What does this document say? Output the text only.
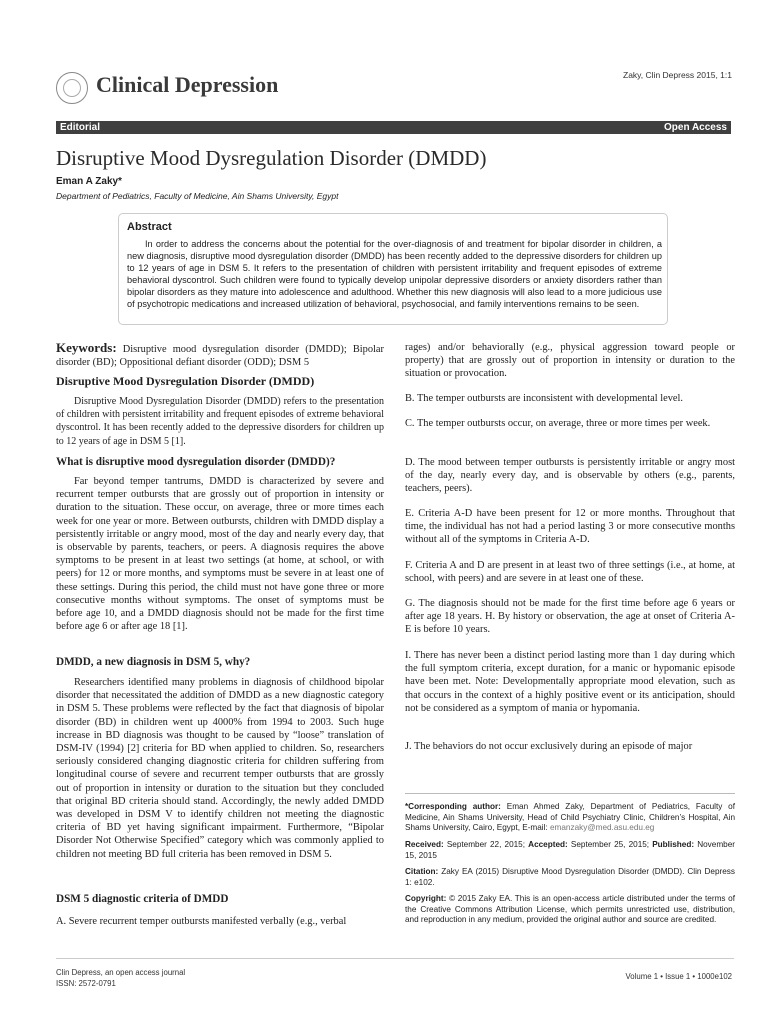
Clinical Depression	Zaky, Clin Depress 2015, 1:1
Editorial	Open Access
Disruptive Mood Dysregulation Disorder (DMDD)
Eman A Zaky*
Department of Pediatrics, Faculty of Medicine, Ain Shams University, Egypt
Abstract
In order to address the concerns about the potential for the over-diagnosis of and treatment for bipolar disorder in children, a new diagnosis, disruptive mood dysregulation disorder (DMDD) has been recently added to the depressive disorders for children up to 12 years of age in DSM 5. It refers to the presentation of children with persistent irritability and frequent episodes of extreme behavioral dyscontrol. Such children were found to typically develop unipolar depressive disorders or anxiety disorders rather than bipolar disorders as they mature into adolescence and adulthood. Whether this new diagnosis will also lead to a more judicious use of psychotropic medications and increased utilization of behavioral, psychosocial, and family interventions remains to be seen.
Keywords: Disruptive mood dysregulation disorder (DMDD); Bipolar disorder (BD); Oppositional defiant disorder (ODD); DSM 5
Disruptive Mood Dysregulation Disorder (DMDD)
Disruptive Mood Dysregulation Disorder (DMDD) refers to the presentation of children with persistent irritability and frequent episodes of extreme behavioral dyscontrol. It has been recently added to the depressive disorders for children up to 12 years of age in DSM 5 [1].
What is disruptive mood dysregulation disorder (DMDD)?
Far beyond temper tantrums, DMDD is characterized by severe and recurrent temper outbursts that are grossly out of proportion in intensity or duration to the situation. These occur, on average, three or more times each week for one year or more. Between outbursts, children with DMDD display a persistently irritable or angry mood, most of the day and nearly every day, that is observable by parents, teachers, or peers. A diagnosis requires the above symptoms to be present in at least two settings (at home, at school, or with peers) for 12 or more months, and symptoms must be severe in at least one of these settings. During this period, the child must not have gone three or more consecutive months without symptoms. The onset of symptoms must be before age 10, and a DMDD diagnosis should not be made for the first time before age 6 or after age 18 [1].
DMDD, a new diagnosis in DSM 5, why?
Researchers identified many problems in diagnosis of childhood bipolar disorder that necessitated the addition of DMDD as a new diagnostic category in DSM 5. These problems were reflected by the fact that diagnosis of bipolar disorder (BD) in children went up 4000% from 1994 to 2003. Such huge increase in BD diagnosis was thought to be caused by “loose” translation of DSM-IV (1994) [2] criteria for BD when applied to children. So, researchers seriously considered changing diagnostic criteria for children suffering from longitudinal course of severe and recurrent temper outbursts that are grossly out of proportion in intensity or duration to the situation but they concluded that original BD criteria should stand. Accordingly, the newly added DMDD was developed in DSM V to identify children not meeting the diagnostic criteria of BD yet having significant impairment. Furthermore, “Bipolar Disorder Not Otherwise Specified” category which was commonly applied to children not meeting BD full criteria has been removed in DSM 5.
DSM 5 diagnostic criteria of DMDD
A. Severe recurrent temper outbursts manifested verbally (e.g., verbal
rages) and/or behaviorally (e.g., physical aggression toward people or property) that are grossly out of proportion in intensity or duration to the situation or provocation.
B. The temper outbursts are inconsistent with developmental level.
C. The temper outbursts occur, on average, three or more times per week.
D. The mood between temper outbursts is persistently irritable or angry most of the day, nearly every day, and is observable by others (e.g., parents, teachers, peers).
E. Criteria A-D have been present for 12 or more months. Throughout that time, the individual has not had a period lasting 3 or more consecutive months without all of the symptoms in Criteria A-D.
F. Criteria A and D are present in at least two of three settings (i.e., at home, at school, with peers) and are severe in at least one of these.
G. The diagnosis should not be made for the first time before age 6 years or after age 18 years. H. By history or observation, the age at onset of Criteria A-E is before 10 years.
I. There has never been a distinct period lasting more than 1 day during which the full symptom criteria, except duration, for a manic or hypomanic episode have been met. Note: Developmentally appropriate mood elevation, such as that occurs in the context of a highly positive event or its anticipation, should not be considered as a symptom of mania or hypomania.
J. The behaviors do not occur exclusively during an episode of major
*Corresponding author: Eman Ahmed Zaky, Department of Pediatrics, Faculty of Medicine, Ain Shams University, Head of Child Psychiatry Clinic, Children’s Hospital, Ain Shams University, Cairo, Egypt, E-mail: emanzaky@med.asu.edu.eg
Received: September 22, 2015; Accepted: September 25, 2015; Published: November 15, 2015
Citation: Zaky EA (2015) Disruptive Mood Dysregulation Disorder (DMDD). Clin Depress 1: e102.
Copyright: © 2015 Zaky EA. This is an open-access article distributed under the terms of the Creative Commons Attribution License, which permits unrestricted use, distribution, and reproduction in any medium, provided the original author and source are credited.
Clin Depress, an open access journal
ISSN: 2572-0791
Volume 1 • Issue 1 • 1000e102
